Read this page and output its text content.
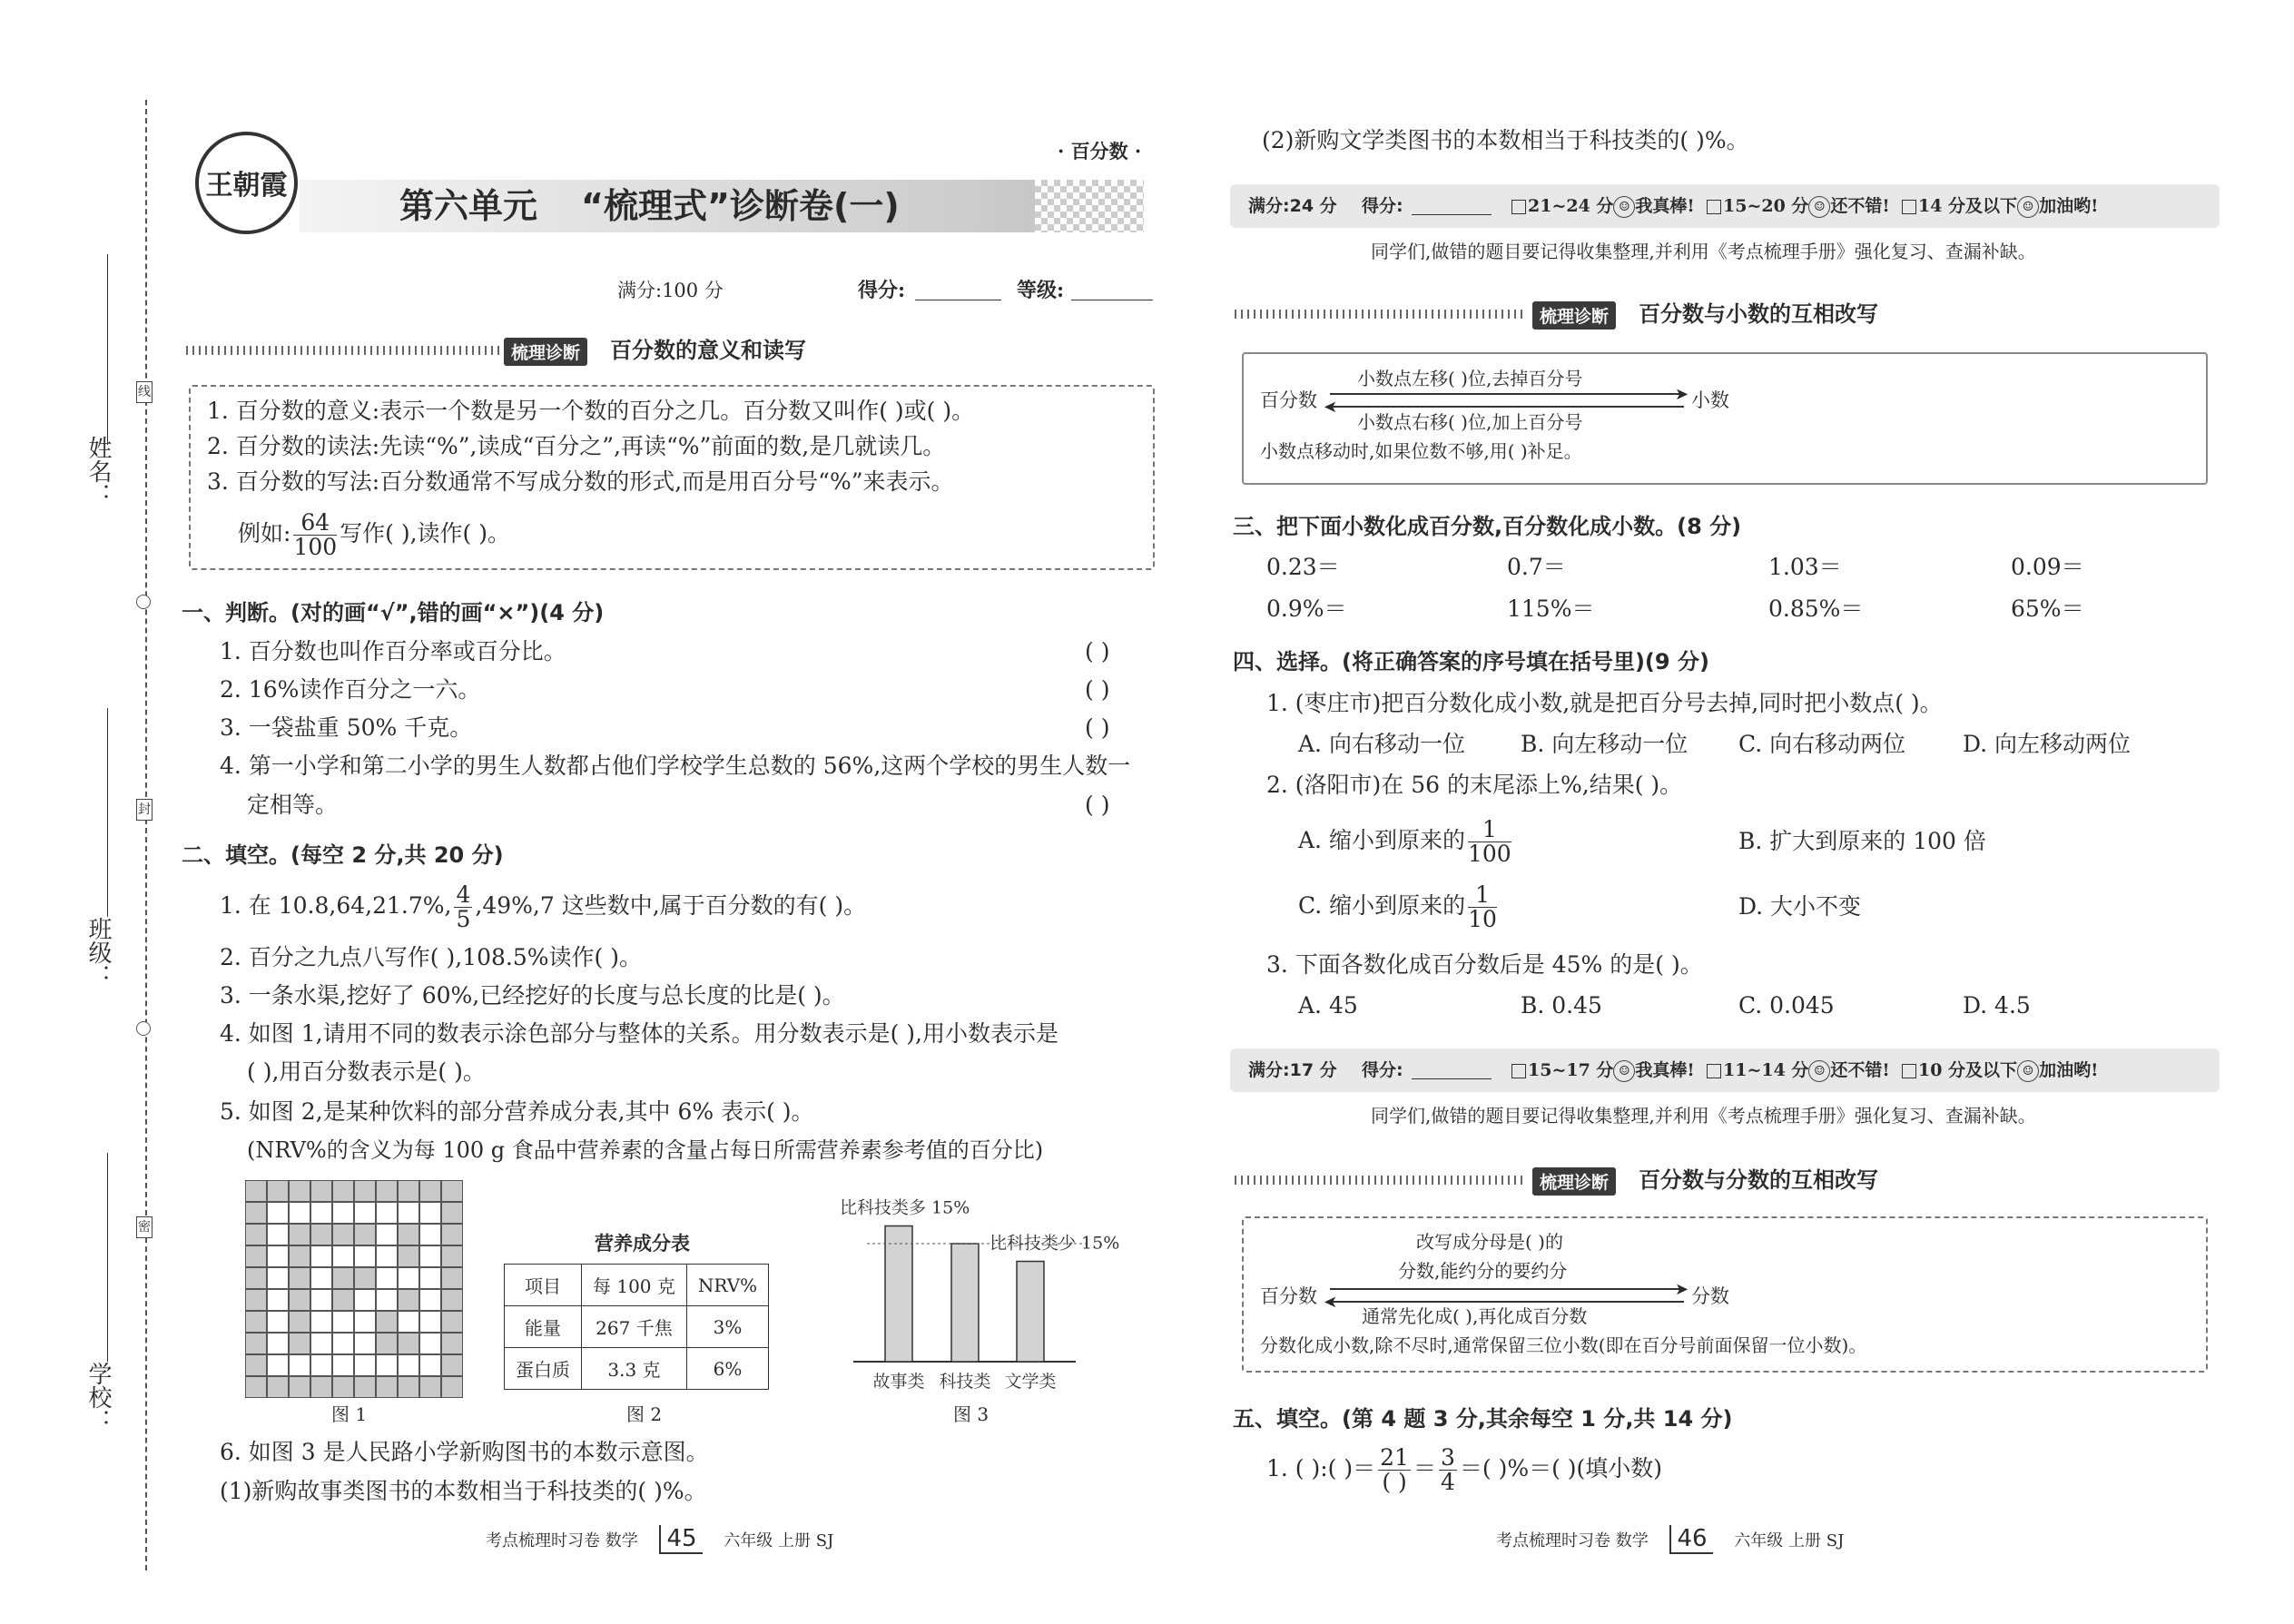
姓名：
班级：
学校：
线
封
密
王朝霞
第六单元 “梳理式”诊断卷(一)
· 百分数 ·
满分:100 分	得分:	等级:
梳理诊断	百分数的意义和读写
1. 百分数的意义:表示一个数是另一个数的百分之几。百分数又叫作( )或( )。
2. 百分数的读法:先读“%”,读成“百分之”,再读“%”前面的数,是几就读几。
3. 百分数的写法:百分数通常不写成分数的形式,而是用百分号“%”来表示。
例如: $\frac{64}{100}$ 写作( ),读作( )。
一、判断。(对的画“√”,错的画“×”)(4 分)
1. 百分数也叫作百分率或百分比。	( )
2. 16%读作百分之一六。	( )
3. 一袋盐重 50% 千克。	( )
4. 第一小学和第二小学的男生人数都占他们学校学生总数的 56%,这两个学校的男生人数一
定相等。	( )
二、填空。(每空 2 分,共 20 分)
1. 在 10.8,64,21.7%, $\frac{4}{5} ,49\%,7$ 这些数中,属于百分数的有( )。
2. 百分之九点八写作( ),108.5%读作( )。
3. 一条水渠,挖好了 60%,已经挖好的长度与总长度的比是( )。
4. 如图 1,请用不同的数表示涂色部分与整体的关系。用分数表示是( ),用小数表示是
( ),用百分数表示是( )。
5. 如图 2,是某种饮料的部分营养成分表,其中 6% 表示( )。
(NRV%的含义为每 100 g 食品中营养素的含量占每日所需营养素参考值的百分比)
图 1
营养成分表
项目	每 100 克	NRV%
能量	267 千焦	3%
蛋白质	3.3 克	6%
图 2
故事类 科技类 文学类
比科技类多 15%
比科技类少 15%
图 3
6. 如图 3 是人民路小学新购图书的本数示意图。
(1)新购故事类图书的本数相当于科技类的( )%。
考点梳理时习卷 数学 45 六年级 上册 SJ
(2)新购文学类图书的本数相当于科技类的( )%。
满分:24 分 得分:	21~24 分 ☺ 我真棒! 15~20 分 ☺ 还不错! 14 分及以下 ☺ 加油哟!
同学们,做错的题目要记得收集整理,并利用《考点梳理手册》强化复习、查漏补缺。
梳理诊断	百分数与小数的互相改写
百分数	小数
小数点左移( )位,去掉百分号
➤
➤
小数点右移( )位,加上百分号
小数点移动时,如果位数不够,用( )补足。
三、把下面小数化成百分数,百分数化成小数。(8 分)
0.23＝	0.7＝	1.03＝	0.09＝
0.9%＝	115%＝	0.85%＝	65%＝
四、选择。(将正确答案的序号填在括号里)(9 分)
1. (枣庄市)把百分数化成小数,就是把百分号去掉,同时把小数点( )。
A. 向右移动一位 B. 向左移动一位 C. 向右移动两位	D. 向左移动两位
2. (洛阳市)在 56 的末尾添上%,结果( )。
A. 缩小到原来的 $\frac{1}{100}$	B. 扩大到原来的 100 倍
C. 缩小到原来的 $\frac{1}{10}$	D. 大小不变
3. 下面各数化成百分数后是 45% 的是( )。
A. 45	B. 0.45	C. 0.045	D. 4.5
满分:17 分 得分:	15~17 分 ☺ 我真棒! 11~14 分 ☺ 还不错! 10 分及以下 ☺ 加油哟!
同学们,做错的题目要记得收集整理,并利用《考点梳理手册》强化复习、查漏补缺。
梳理诊断	百分数与分数的互相改写
改写成分母是( )的
分数,能约分的要约分
百分数	分数
➤
➤
通常先化成( ),再化成百分数
分数化成小数,除不尽时,通常保留三位小数(即在百分号前面保留一位小数)。
五、填空。(第 4 题 3 分,其余每空 1 分,共 14 分)
1. ( ):( )＝ $\frac{21}{( )} = \frac{3}{4}$ ＝( )%＝( )(填小数)
考点梳理时习卷 数学 46 六年级 上册 SJ
